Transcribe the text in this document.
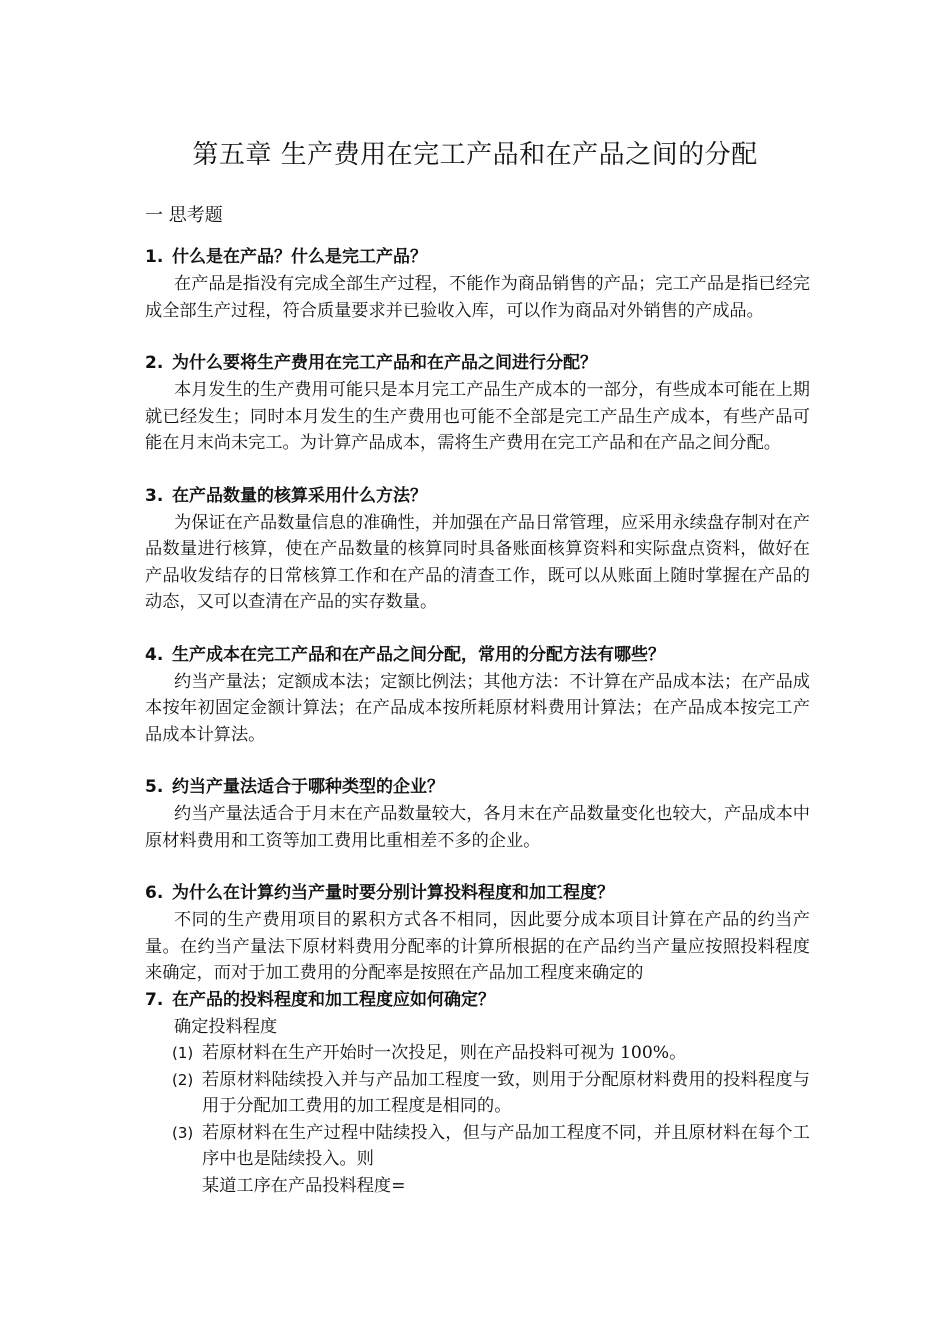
第五章 生产费用在完工产品和在产品之间的分配
一 思考题
1. 什么是在产品？什么是完工产品？

在产品是指没有完成全部生产过程，不能作为商品销售的产品；完工产品是指已经完成全部生产过程，符合质量要求并已验收入库，可以作为商品对外销售的产成品。

2. 为什么要将生产费用在完工产品和在产品之间进行分配？

本月发生的生产费用可能只是本月完工产品生产成本的一部分，有些成本可能在上期就已经发生；同时本月发生的生产费用也可能不全部是完工产品生产成本，有些产品可能在月末尚未完工。为计算产品成本，需将生产费用在完工产品和在产品之间分配。

3. 在产品数量的核算采用什么方法？

为保证在产品数量信息的准确性，并加强在产品日常管理，应采用永续盘存制对在产品数量进行核算，使在产品数量的核算同时具备账面核算资料和实际盘点资料，做好在产品收发结存的日常核算工作和在产品的清查工作，既可以从账面上随时掌握在产品的动态，又可以查清在产品的实存数量。

4. 生产成本在完工产品和在产品之间分配，常用的分配方法有哪些？

约当产量法；定额成本法；定额比例法；其他方法：不计算在产品成本法；在产品成本按年初固定金额计算法；在产品成本按所耗原材料费用计算法；在产品成本按完工产品成本计算法。

5. 约当产量法适合于哪种类型的企业？

约当产量法适合于月末在产品数量较大，各月末在产品数量变化也较大，产品成本中原材料费用和工资等加工费用比重相差不多的企业。

6. 为什么在计算约当产量时要分别计算投料程度和加工程度？

不同的生产费用项目的累积方式各不相同，因此要分成本项目计算在产品的约当产量。在约当产量法下原材料费用分配率的计算所根据的在产品约当产量应按照投料程度来确定，而对于加工费用的分配率是按照在产品加工程度来确定的

7. 在产品的投料程度和加工程度应如何确定？
确定投料程度
(1) 若原材料在生产开始时一次投足，则在产品投料可视为 100%。
(2) 若原材料陆续投入并与产品加工程度一致，则用于分配原材料费用的投料程度与用于分配加工费用的加工程度是相同的。
(3) 若原材料在生产过程中陆续投入，但与产品加工程度不同，并且原材料在每个工序中也是陆续投入。则
某道工序在产品投料程度=
